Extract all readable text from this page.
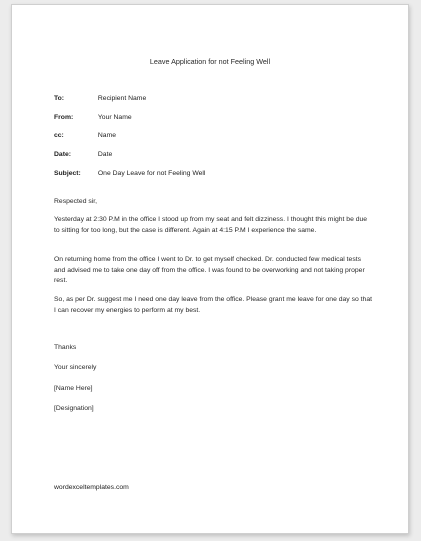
Leave Application for not Feeling Well
To:	Recipient Name
From:	Your Name
cc:	Name
Date:	Date
Subject:	One Day Leave for not Feeling Well
Respected sir,
Yesterday at 2:30 P.M in the office I stood up from my seat and felt dizziness. I thought this might be due to sitting for too long, but the case is different. Again at 4:15 P.M I experience the same.
On returning home from the office I went to Dr. to get myself checked. Dr. conducted few medical tests and advised me to take one day off from the office. I was found to be overworking and not taking proper rest.
So, as per Dr. suggest me I need one day leave from the office. Please grant me leave for one day so that I can recover my energies to perform at my best.
Thanks
Your sincerely
[Name Here]
[Designation]
wordexceltemplates.com
